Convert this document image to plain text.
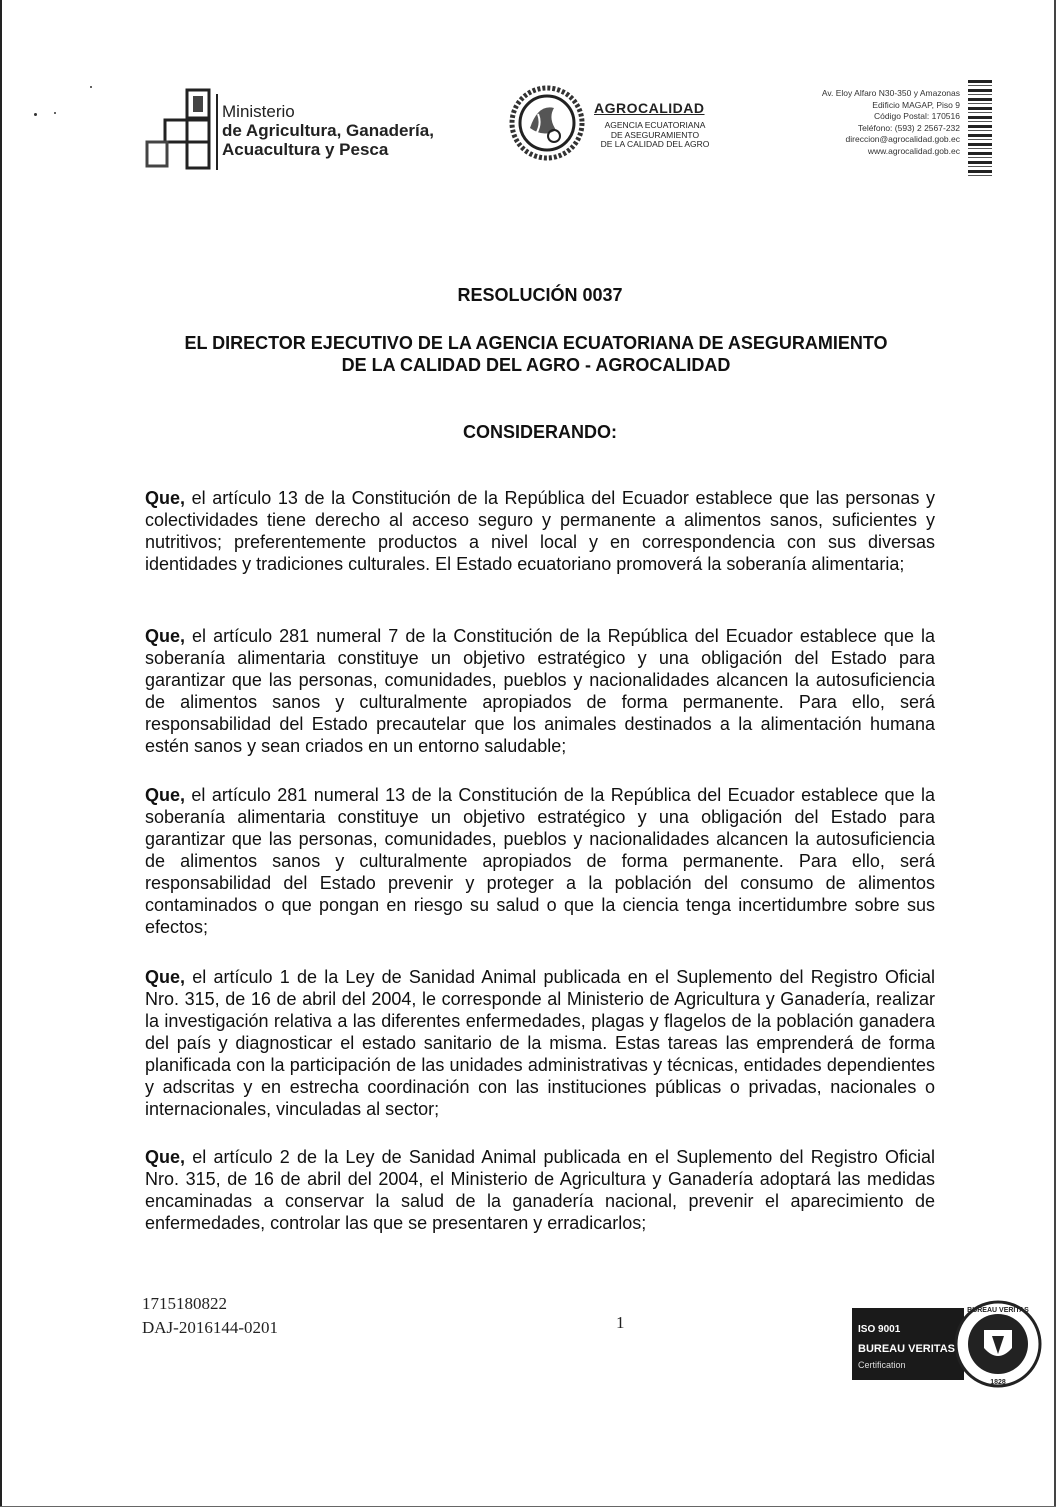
Ministerio
de Agricultura, Ganadería,
Acuacultura y Pesca
AGROCALIDAD
AGENCIA ECUATORIANA
DE ASEGURAMIENTO
DE LA CALIDAD DEL AGRO
Av. Eloy Alfaro N30-350 y Amazonas
Edificio MAGAP, Piso 9
Código Postal: 170516
Teléfono: (593) 2 2567-232
direccion@agrocalidad.gob.ec
www.agrocalidad.gob.ec
RESOLUCIÓN 0037
EL DIRECTOR EJECUTIVO DE LA AGENCIA ECUATORIANA DE ASEGURAMIENTO
DE LA CALIDAD DEL AGRO - AGROCALIDAD
CONSIDERANDO:

Que, el artículo 13 de la Constitución de la República del Ecuador establece que las personas y colectividades tiene derecho al acceso seguro y permanente a alimentos sanos, suficientes y nutritivos; preferentemente productos a nivel local y en correspondencia con sus diversas identidades y tradiciones culturales. El Estado ecuatoriano promoverá la soberanía alimentaria;

Que, el artículo 281 numeral 7 de la Constitución de la República del Ecuador establece que la soberanía alimentaria constituye un objetivo estratégico y una obligación del Estado para garantizar que las personas, comunidades, pueblos y nacionalidades alcancen la autosuficiencia de alimentos sanos y culturalmente apropiados de forma permanente. Para ello, será responsabilidad del Estado precautelar que los animales destinados a la alimentación humana estén sanos y sean criados en un entorno saludable;

Que, el artículo 281 numeral 13 de la Constitución de la República del Ecuador establece que la soberanía alimentaria constituye un objetivo estratégico y una obligación del Estado para garantizar que las personas, comunidades, pueblos y nacionalidades alcancen la autosuficiencia de alimentos sanos y culturalmente apropiados de forma permanente. Para ello, será responsabilidad del Estado prevenir y proteger a la población del consumo de alimentos contaminados o que pongan en riesgo su salud o que la ciencia tenga incertidumbre sobre sus efectos;

Que, el artículo 1 de la Ley de Sanidad Animal publicada en el Suplemento del Registro Oficial Nro. 315, de 16 de abril del 2004, le corresponde al Ministerio de Agricultura y Ganadería, realizar la investigación relativa a las diferentes enfermedades, plagas y flagelos de la población ganadera del país y diagnosticar el estado sanitario de la misma. Estas tareas las emprenderá de forma planificada con la participación de las unidades administrativas y técnicas, entidades dependientes y adscritas y en estrecha coordinación con las instituciones públicas o privadas, nacionales o internacionales, vinculadas al sector;

Que, el artículo 2 de la Ley de Sanidad Animal publicada en el Suplemento del Registro Oficial Nro. 315, de 16 de abril del 2004, el Ministerio de Agricultura y Ganadería adoptará las medidas encaminadas a conservar la salud de la ganadería nacional, prevenir el aparecimiento de enfermedades, controlar las que se presentaren y erradicarlos;

1715180822
DAJ-2016144-0201	1	ISO 9001
BUREAU VERITAS
Certification
BUREAU VERITAS
1828
